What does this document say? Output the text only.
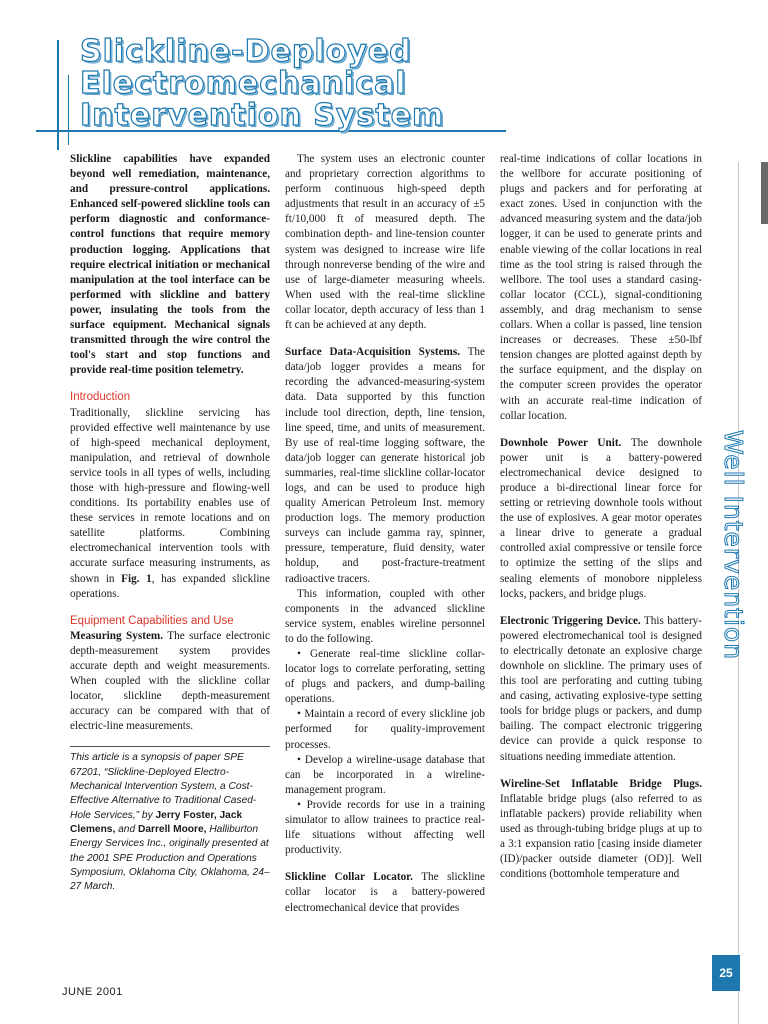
Slickline-Deployed
Electromechanical
Intervention System

Slickline capabilities have expanded beyond well remediation, maintenance, and pressure-control applications. Enhanced self-powered slickline tools can perform diagnostic and conformance-control functions that require memory production logging. Applications that require electrical initiation or mechanical manipulation at the tool interface can be performed with slickline and battery power, insulating the tools from the surface equipment. Mechanical signals transmitted through the wire control the tool's start and stop functions and provide real-time position telemetry.

Introduction

Traditionally, slickline servicing has provided effective well maintenance by use of high-speed mechanical deployment, manipulation, and retrieval of downhole service tools in all types of wells, including those with high-pressure and flowing-well conditions. Its portability enables use of these services in remote locations and on satellite platforms. Combining electromechanical intervention tools with accurate surface measuring instruments, as shown in Fig. 1, has expanded slickline operations.

Equipment Capabilities and Use

Measuring System. The surface electronic depth-measurement system provides accurate depth and weight measurements. When coupled with the slickline collar locator, slickline depth-measurement accuracy can be compared with that of electric-line measurements.

This article is a synopsis of paper SPE 67201, “Slickline-Deployed Electro-Mechanical Intervention System, a Cost-Effective Alternative to Traditional Cased-Hole Services,” by Jerry Foster, Jack Clemens, and Darrell Moore, Halliburton Energy Services Inc., originally presented at the 2001 SPE Production and Operations Symposium, Oklahoma City, Oklahoma, 24–27 March.

The system uses an electronic counter and proprietary correction algorithms to perform continuous high-speed depth adjustments that result in an accuracy of ±5 ft/10,000 ft of measured depth. The combination depth- and line-tension counter system was designed to increase wire life through nonreverse bending of the wire and use of large-diameter measuring wheels. When used with the real-time slickline collar locator, depth accuracy of less than 1 ft can be achieved at any depth.

Surface Data-Acquisition Systems. The data/job logger provides a means for recording the advanced-measuring-system data. Data supported by this function include tool direction, depth, line tension, line speed, time, and units of measurement. By use of real-time logging software, the data/job logger can generate historical job summaries, real-time slickline collar-locator logs, and can be used to produce high quality American Petroleum Inst. memory production logs. The memory production surveys can include gamma ray, spinner, pressure, temperature, fluid density, water holdup, and post-fracture-treatment radioactive tracers.

This information, coupled with other components in the advanced slickline service system, enables wireline personnel to do the following.

• Generate real-time slickline collar-locator logs to correlate perforating, setting of plugs and packers, and dump-bailing operations.

• Maintain a record of every slickline job performed for quality-improvement processes.

• Develop a wireline-usage database that can be incorporated in a wireline-management program.

• Provide records for use in a training simulator to allow trainees to practice real-life situations without affecting well productivity.

Slickline Collar Locator. The slickline collar locator is a battery-powered electromechanical device that provides

real-time indications of collar locations in the wellbore for accurate positioning of plugs and packers and for perforating at exact zones. Used in conjunction with the advanced measuring system and the data/job logger, it can be used to generate prints and enable viewing of the collar locations in real time as the tool string is raised through the wellbore. The tool uses a standard casing-collar locator (CCL), signal-conditioning assembly, and drag mechanism to sense collars. When a collar is passed, line tension increases or decreases. These ±50-lbf tension changes are plotted against depth by the surface equipment, and the display on the computer screen provides the operator with an accurate real-time indication of collar location.

Downhole Power Unit. The downhole power unit is a battery-powered electromechanical device designed to produce a bi-directional linear force for setting or retrieving downhole tools without the use of explosives. A gear motor operates a linear drive to generate a gradual controlled axial compressive or tensile force to optimize the setting of the slips and sealing elements of monobore nippleless locks, packers, and bridge plugs.

Electronic Triggering Device. This battery-powered electromechanical tool is designed to electrically detonate an explosive charge downhole on slickline. The primary uses of this tool are perforating and cutting tubing and casing, activating explosive-type setting tools for bridge plugs or packers, and dump bailing. The compact electronic triggering device can provide a quick response to situations needing immediate attention.

Wireline-Set Inflatable Bridge Plugs. Inflatable bridge plugs (also referred to as inflatable packers) provide reliability when used as through-tubing bridge plugs at up to a 3:1 expansion ratio [casing inside diameter (ID)/packer outside diameter (OD)]. Well conditions (bottomhole temperature and

Well Intervention
25
JUNE 2001
